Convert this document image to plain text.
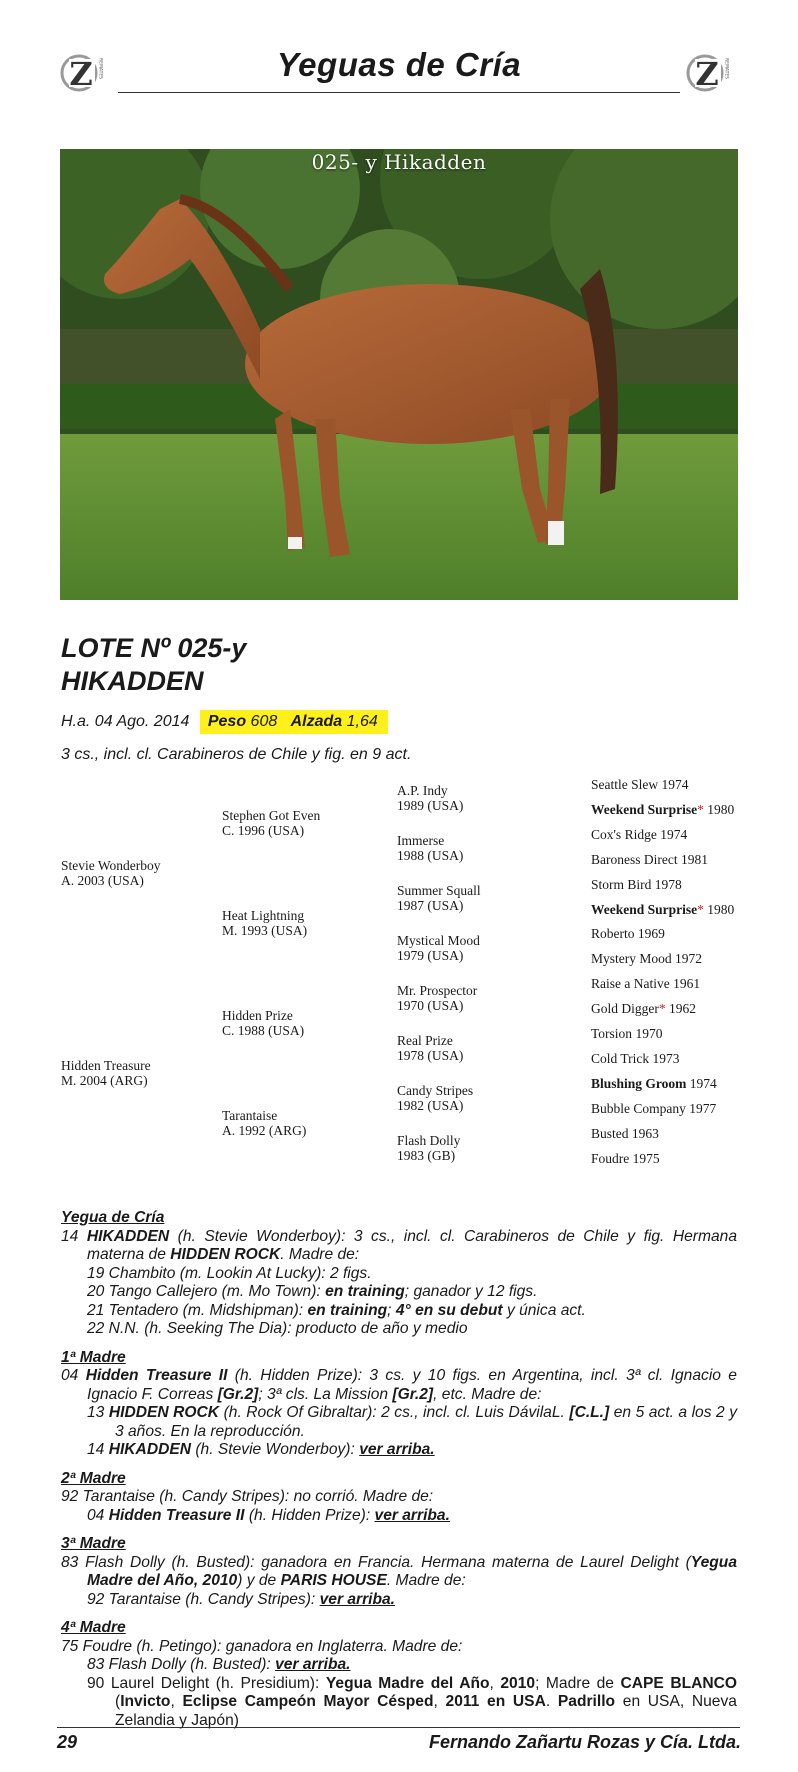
Z REMATES	Z REMATES
Yeguas de Cría
025- y Hikadden
LOTE Nº 025-y
HIKADDEN
H.a. 04 Ago. 2014 Peso 608 Alzada 1,64
3 cs., incl. cl. Carabineros de Chile y fig. en 9 act.
Stevie Wonderboy
A. 2003 (USA)
Hidden Treasure
M. 2004 (ARG)
Stephen Got Even
C. 1996 (USA)
Heat Lightning
M. 1993 (USA)
Hidden Prize
C. 1988 (USA)
Tarantaise
A. 1992 (ARG)
A.P. Indy
1989 (USA)
Immerse
1988 (USA)
Summer Squall
1987 (USA)
Mystical Mood
1979 (USA)
Mr. Prospector
1970 (USA)
Real Prize
1978 (USA)
Candy Stripes
1982 (USA)
Flash Dolly
1983 (GB)
Seattle Slew 1974
Weekend Surprise* 1980
Cox's Ridge 1974
Baroness Direct 1981
Storm Bird 1978
Weekend Surprise* 1980
Roberto 1969
Mystery Mood 1972
Raise a Native 1961
Gold Digger* 1962
Torsion 1970
Cold Trick 1973
Blushing Groom 1974
Bubble Company 1977
Busted 1963
Foudre 1975
Yegua de Cría
14 HIKADDEN (h. Stevie Wonderboy): 3 cs., incl. cl. Carabineros de Chile y fig. Hermana materna de HIDDEN ROCK. Madre de:
19 Chambito (m. Lookin At Lucky): 2 figs.
20 Tango Callejero (m. Mo Town): en training; ganador y 12 figs.
21 Tentadero (m. Midshipman): en training; 4° en su debut y única act.
22 N.N. (h. Seeking The Dia): producto de año y medio
1ª Madre
04 Hidden Treasure II (h. Hidden Prize): 3 cs. y 10 figs. en Argentina, incl. 3ª cl. Ignacio e Ignacio F. Correas [Gr.2]; 3ª cls. La Mission [Gr.2], etc. Madre de:
13 HIDDEN ROCK (h. Rock Of Gibraltar): 2 cs., incl. cl. Luis DávilaL. [C.L.] en 5 act. a los 2 y 3 años. En la reproducción.
14 HIKADDEN (h. Stevie Wonderboy): ver arriba.
2ª Madre
92 Tarantaise (h. Candy Stripes): no corrió. Madre de:
04 Hidden Treasure II (h. Hidden Prize): ver arriba.
3ª Madre
83 Flash Dolly (h. Busted): ganadora en Francia. Hermana materna de Laurel Delight (Yegua Madre del Año, 2010) y de PARIS HOUSE. Madre de:
92 Tarantaise (h. Candy Stripes): ver arriba.
4ª Madre
75 Foudre (h. Petingo): ganadora en Inglaterra. Madre de:
83 Flash Dolly (h. Busted): ver arriba.
90 Laurel Delight (h. Presidium): Yegua Madre del Año, 2010; Madre de CAPE BLANCO (Invicto, Eclipse Campeón Mayor Césped, 2011 en USA. Padrillo en USA, Nueva Zelandia y Japón)
29	Fernando Zañartu Rozas y Cía. Ltda.
